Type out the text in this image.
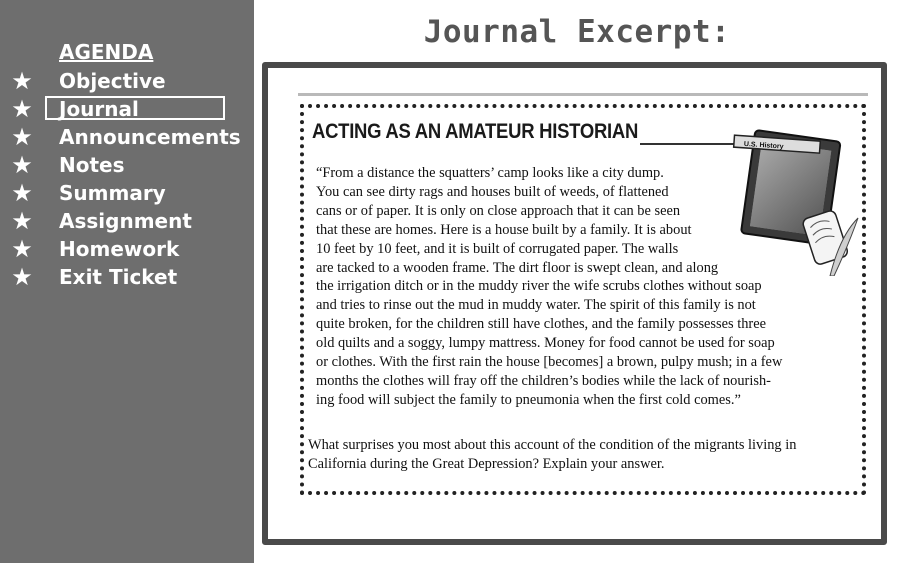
AGENDA
★ Objective
★ Journal
★ Announcements
★ Notes
★ Summary
★ Assignment
★ Homework
★ Exit Ticket
Journal Excerpt:
ACTING AS AN AMATEUR HISTORIAN
U.S. History
“From a distance the squatters’ camp looks like a city dump.
You can see dirty rags and houses built of weeds, of flattened
cans or of paper. It is only on close approach that it can be seen
that these are homes. Here is a house built by a family. It is about
10 feet by 10 feet, and it is built of corrugated paper. The walls
are tacked to a wooden frame. The dirt floor is swept clean, and along
the irrigation ditch or in the muddy river the wife scrubs clothes without soap
and tries to rinse out the mud in muddy water. The spirit of this family is not
quite broken, for the children still have clothes, and the family possesses three
old quilts and a soggy, lumpy mattress. Money for food cannot be used for soap
or clothes. With the first rain the house [becomes] a brown, pulpy mush; in a few
months the clothes will fray off the children’s bodies while the lack of nourish-
ing food will subject the family to pneumonia when the first cold comes.”
What surprises you most about this account of the condition of the migrants living in
California during the Great Depression? Explain your answer.
